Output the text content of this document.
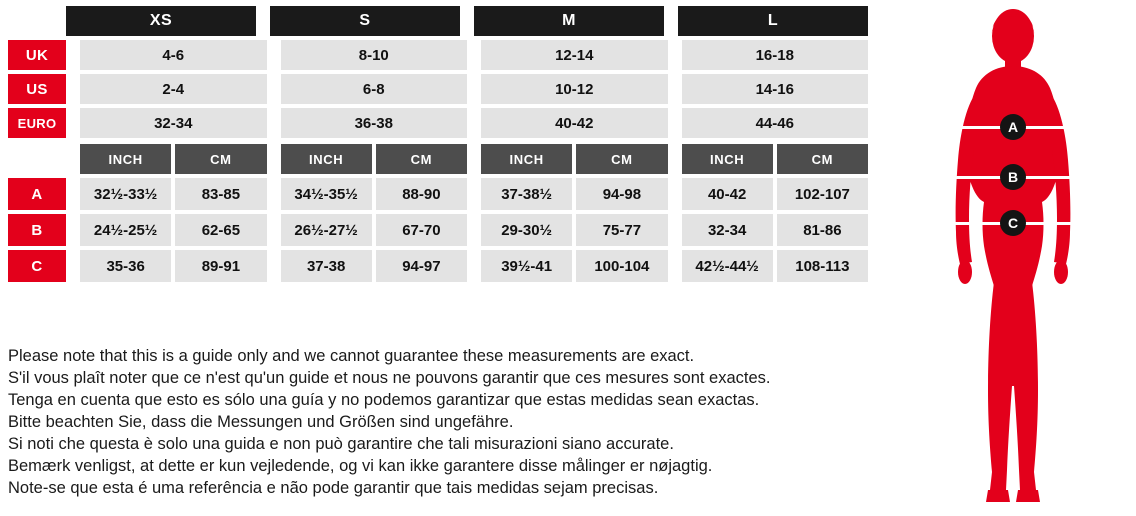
XS	S	M	L
UK	4-6	8-10	12-14	16-18
US	2-4	6-8	10-12	14-16
EURO	32-34	36-38	40-42	44-46
INCH	CM	INCH	CM	INCH	CM	INCH	CM
A	32½-33½	83-85	34½-35½	88-90	37-38½	94-98	40-42	102-107
B	24½-25½	62-65	26½-27½	67-70	29-30½	75-77	32-34	81-86
C	35-36	89-91	37-38	94-97	39½-41	100-104	42½-44½	108-113
Please note that this is a guide only and we cannot guarantee these measurements are exact.
S'il vous plaît noter que ce n'est qu'un guide et nous ne pouvons garantir que ces mesures sont exactes.
Tenga en cuenta que esto es sólo una guía y no podemos garantizar que estas medidas sean exactas.
Bitte beachten Sie, dass die Messungen und Größen sind ungefähre.
Si noti che questa è solo una guida e non può garantire che tali misurazioni siano accurate.
Bemærk venligst, at dette er kun vejledende, og vi kan ikke garantere disse målinger er nøjagtig.
Note-se que esta é uma referência e não pode garantir que tais medidas sejam precisas.
A
B
C
